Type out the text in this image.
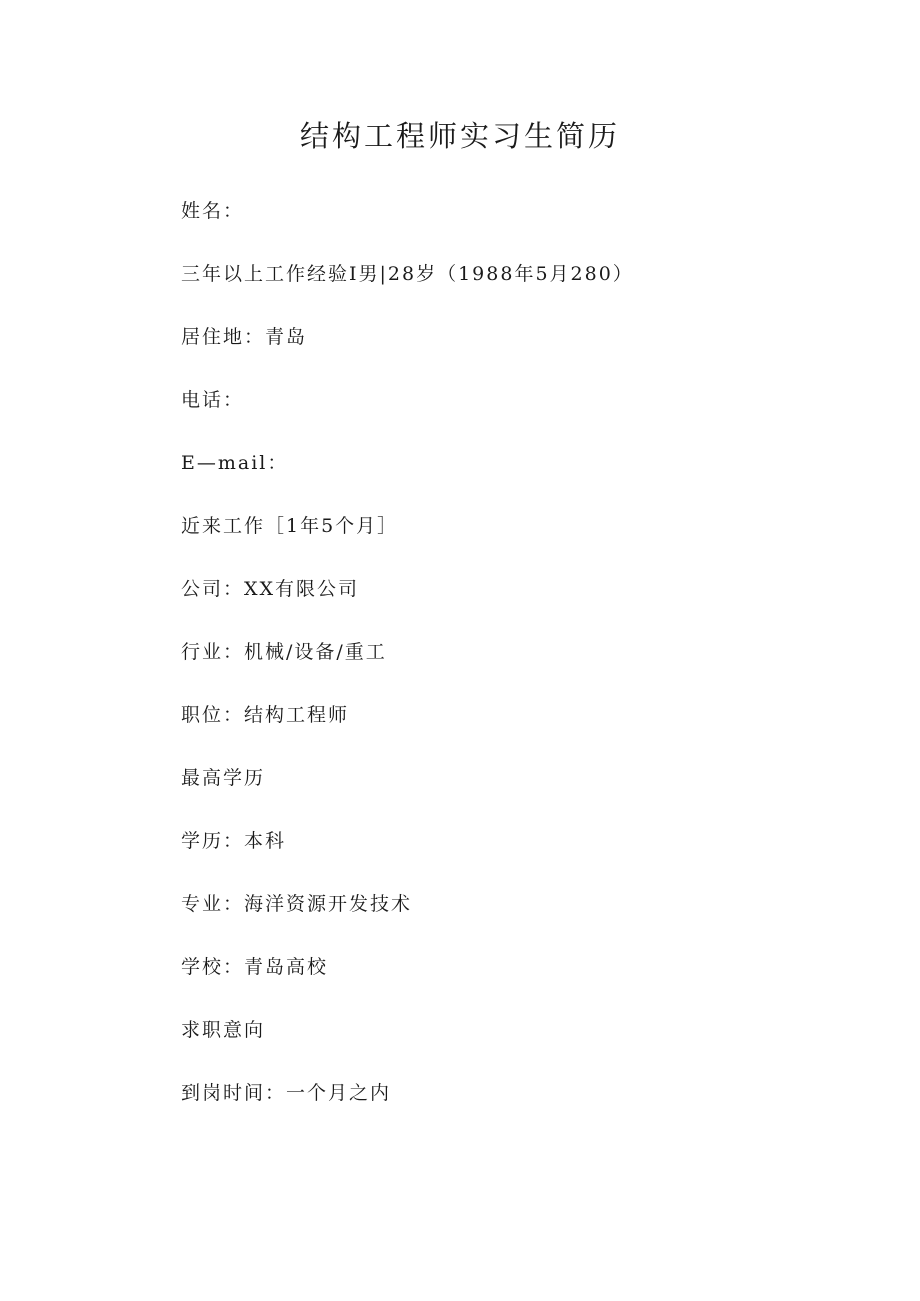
结构工程师实习生简历
姓名：
三年以上工作经验I男|28岁（1988年5月280）
居住地：青岛
电话：
E—mail：
近来工作［1年5个月］
公司：XX有限公司
行业：机械/设备/重工
职位：结构工程师
最高学历
学历：本科
专业：海洋资源开发技术
学校：青岛高校
求职意向
到岗时间：一个月之内
